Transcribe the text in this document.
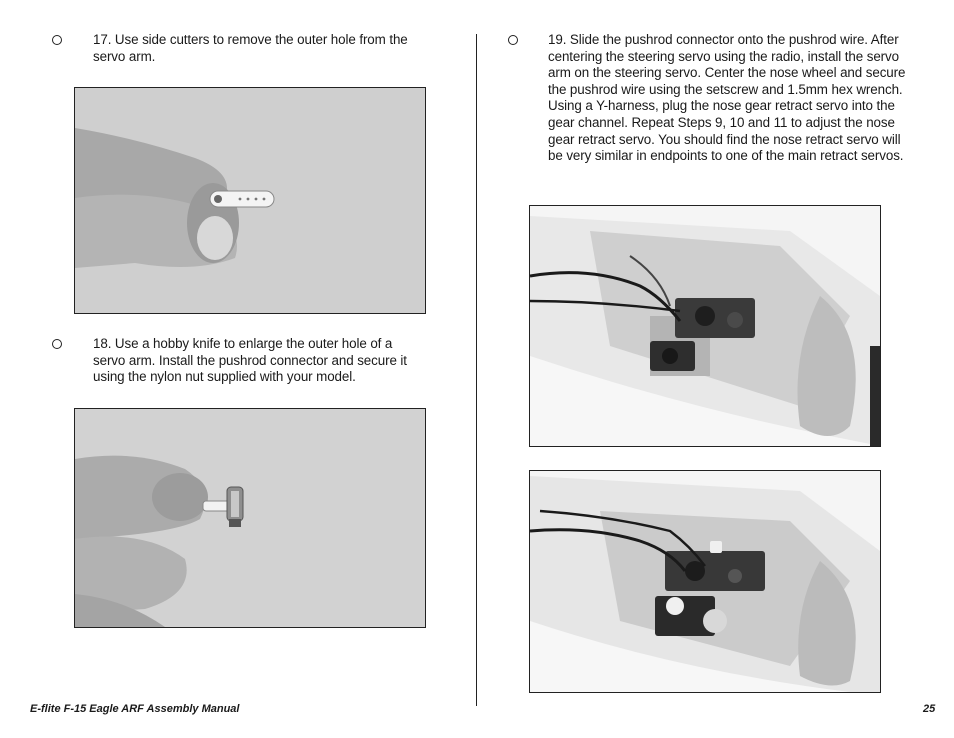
17. Use side cutters to remove the outer hole from the servo arm.
18. Use a hobby knife to enlarge the outer hole of a servo arm. Install the pushrod connector and secure it using the nylon nut supplied with your model.
19. Slide the pushrod connector onto the pushrod wire. After centering the steering servo using the radio, install the servo arm on the steering servo. Center the nose wheel and secure the pushrod wire using the setscrew and 1.5mm hex wrench. Using a Y-harness, plug the nose gear retract servo into the gear channel. Repeat Steps 9, 10 and 11 to adjust the nose gear retract servo. You should find the nose retract servo will be very similar in endpoints to one of the main retract servos.
E-flite F-15 Eagle ARF Assembly Manual	25
